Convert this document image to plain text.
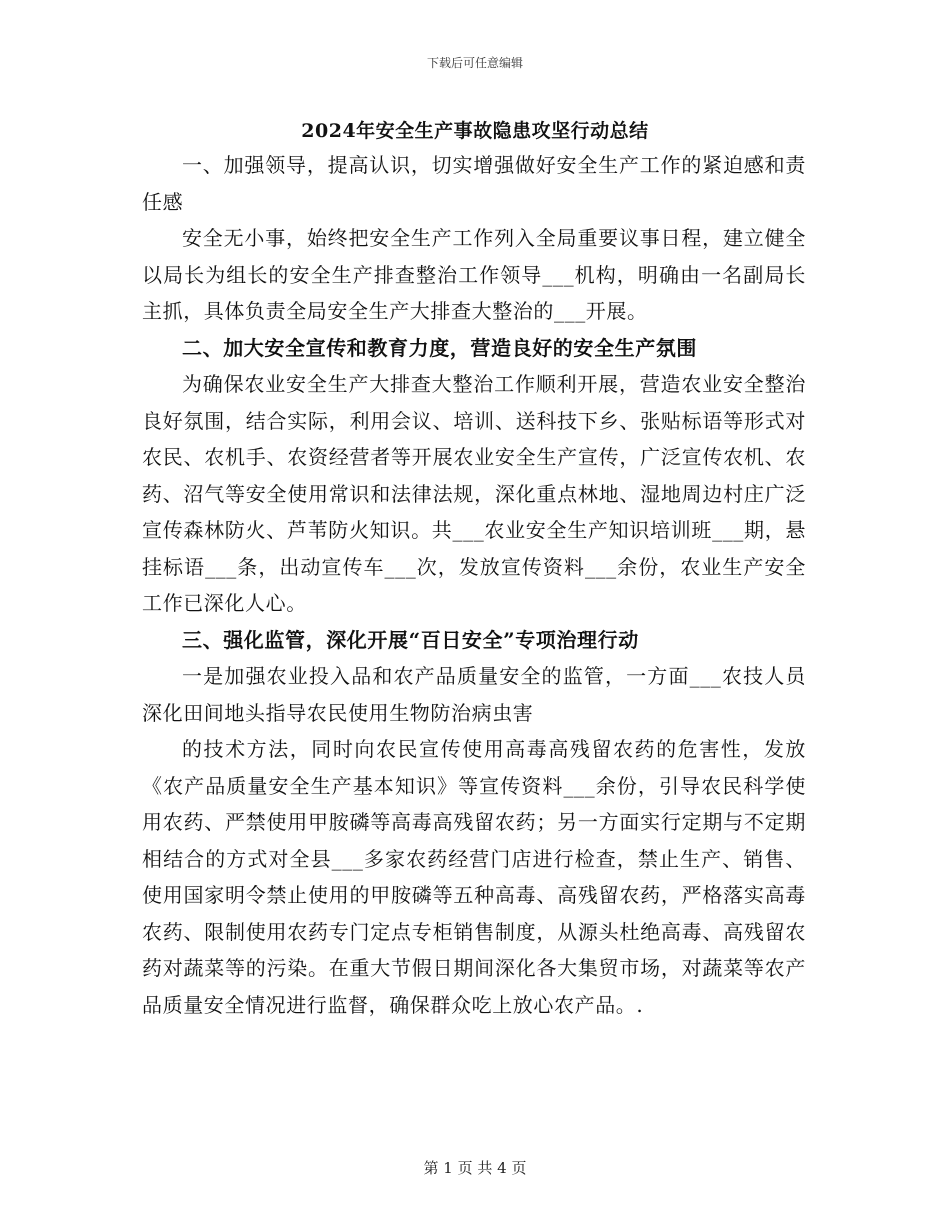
下载后可任意编辑
2024年安全生产事故隐患攻坚行动总结

一、加强领导，提高认识，切实增强做好安全生产工作的紧迫感和责任感

安全无小事，始终把安全生产工作列入全局重要议事日程，建立健全以局长为组长的安全生产排查整治工作领导___机构，明确由一名副局长主抓，具体负责全局安全生产大排查大整治的___开展。

二、加大安全宣传和教育力度，营造良好的安全生产氛围

为确保农业安全生产大排查大整治工作顺利开展，营造农业安全整治良好氛围，结合实际，利用会议、培训、送科技下乡、张贴标语等形式对农民、农机手、农资经营者等开展农业安全生产宣传，广泛宣传农机、农药、沼气等安全使用常识和法律法规，深化重点林地、湿地周边村庄广泛宣传森林防火、芦苇防火知识。共___农业安全生产知识培训班___期，悬挂标语___条，出动宣传车___次，发放宣传资料___余份，农业生产安全工作已深化人心。

三、强化监管，深化开展“百日安全”专项治理行动

一是加强农业投入品和农产品质量安全的监管，一方面___农技人员深化田间地头指导农民使用生物防治病虫害

的技术方法，同时向农民宣传使用高毒高残留农药的危害性，发放《农产品质量安全生产基本知识》等宣传资料___余份，引导农民科学使用农药、严禁使用甲胺磷等高毒高残留农药；另一方面实行定期与不定期相结合的方式对全县___多家农药经营门店进行检查，禁止生产、销售、使用国家明令禁止使用的甲胺磷等五种高毒、高残留农药，严格落实高毒农药、限制使用农药专门定点专柜销售制度，从源头杜绝高毒、高残留农药对蔬菜等的污染。在重大节假日期间深化各大集贸市场，对蔬菜等农产品质量安全情况进行监督，确保群众吃上放心农产品。.

第 1 页 共 4 页
